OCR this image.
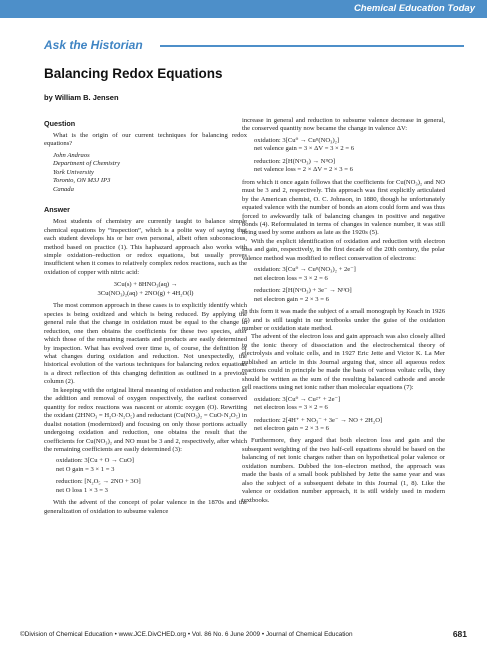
Chemical Education Today
Ask the Historian
Balancing Redox Equations
by William B. Jensen
Question

What is the origin of our current techniques for balancing redox equations?

John Andraos
Department of Chemistry
York University
Toronto, ON M3J IP3
Canada
Answer

Most students of chemistry are currently taught to balance simple chemical equations by “inspection”, which is a polite way of saying that each student develops his or her own personal, albeit often subconscious, method based on practice (1). This haphazard approach also works with simple oxidation–reduction or redox equations, but usually proves insufficient when it comes to relatively complex redox reactions, such as the oxidation of copper with nitric acid:

3Cu(s) + 8HNO₃(aq) →
3Cu(NO₃)₂(aq) + 2NO(g) + 4H₂O(l)

The most common approach in these cases is to explicitly identify which species is being oxidized and which is being reduced. By applying the general rule that the change in oxidation must be equal to the change in reduction, one then obtains the coefficients for these two species, after which those of the remaining reactants and products are easily determined by inspection. What has evolved over time is, of course, the definition of what changes during oxidation and reduction. Not unexpectedly, the historical evolution of the various techniques for balancing redox equations is a direct reflection of this changing definition as outlined in a previous column (2).

In keeping with the original literal meaning of oxidation and reduction as the addition and removal of oxygen respectively, the earliest conserved quantity for redox reactions was nascent or atomic oxygen (O). Rewriting the oxidant (2HNO₃ = H₂O·N₂O₅) and reductant (Cu(NO₃)₂ = CuO·N₂O₅) in dualist notation (modernized) and focusing on only those portions actually undergoing oxidation and reduction, one obtains the result that the coefficients for Cu(NO₃)₂ and NO must be 3 and 2, respectively, after which the remaining coefficients are easily determined (3):

oxidation: 3[Cu + O → CuO]
net O gain = 3 × 1 = 3
reduction: [N₂O₅ → 2NO + 3O]
net O loss 1 × 3 = 3

With the advent of the concept of polar valence in the 1870s and the generalization of oxidation to subsume valence

increase in general and reduction to subsume valence decrease in general, the conserved quantity now became the change in valence ΔV:

oxidation: 3[Cu⁰ → Cuᴵᴵ(NO₃)₂]
net valence gain = 3 × ΔV = 3 × 2 = 6
reduction: 2[H(NᵛO₃) → NᴵᴵO]
net valence loss = 2 × ΔV = 2 × 3 = 6

from which it once again follows that the coefficients for Cu(NO₃)₂ and NO must be 3 and 2, respectively. This approach was first explicitly articulated by the American chemist, O. C. Johnson, in 1880, though he unfortunately equated valence with the number of bonds an atom could form and was thus forced to awkwardly talk of balancing changes in positive and negative bonds (4). Reformulated in terms of changes in valence number, it was still being used by some authors as late as the 1920s (5).

With the explicit identification of oxidation and reduction with electron loss and gain, respectively, in the first decade of the 20th century, the polar valence method was modified to reflect conservation of electrons:

oxidation: 3[Cu⁰ → Cuᴵᴵ(NO₃)₂ + 2e⁻]
net electron loss = 3 × 2 = 6
reduction: 2[H(NᵛO₃) + 3e⁻ → NᴵᴵO]
net electron gain = 2 × 3 = 6

In this form it was made the subject of a small monograph by Keach in 1926 (6) and is still taught in our textbooks under the guise of the oxidation number or oxidation state method.

The advent of the electron loss and gain approach was also closely allied to the ionic theory of dissociation and the electrochemical theory of electrolysis and voltaic cells, and in 1927 Eric Jette and Victor K. La Mer published an article in this Journal arguing that, since all aqueous redox reactions could in principle be made the basis of various voltaic cells, they should be written as the sum of the resulting balanced cathode and anode cell reactions using net ionic rather than molecular equations (7):

oxidation: 3[Cu⁰ → Cu²⁺ + 2e⁻]
net electron loss = 3 × 2 = 6
reduction: 2[4H⁺ + NO₃⁻ + 3e⁻ → NO + 2H₂O]
net electron gain = 2 × 3 = 6

Furthermore, they argued that both electron loss and gain and the subsequent weighting of the two half-cell equations should be based on the balancing of net ionic charges rather than on hypothetical polar valence or oxidation numbers. Dubbed the ion–electron method, the approach was made the basis of a small book published by Jette the same year and was also the subject of a subsequent debate in this Journal (1, 8). Like the valence or oxidation number approach, it is still widely used in modern textbooks.

©Division of Chemical Education • www.JCE.DivCHED.org • Vol. 86 No. 6 June 2009 • Journal of Chemical Education	681
